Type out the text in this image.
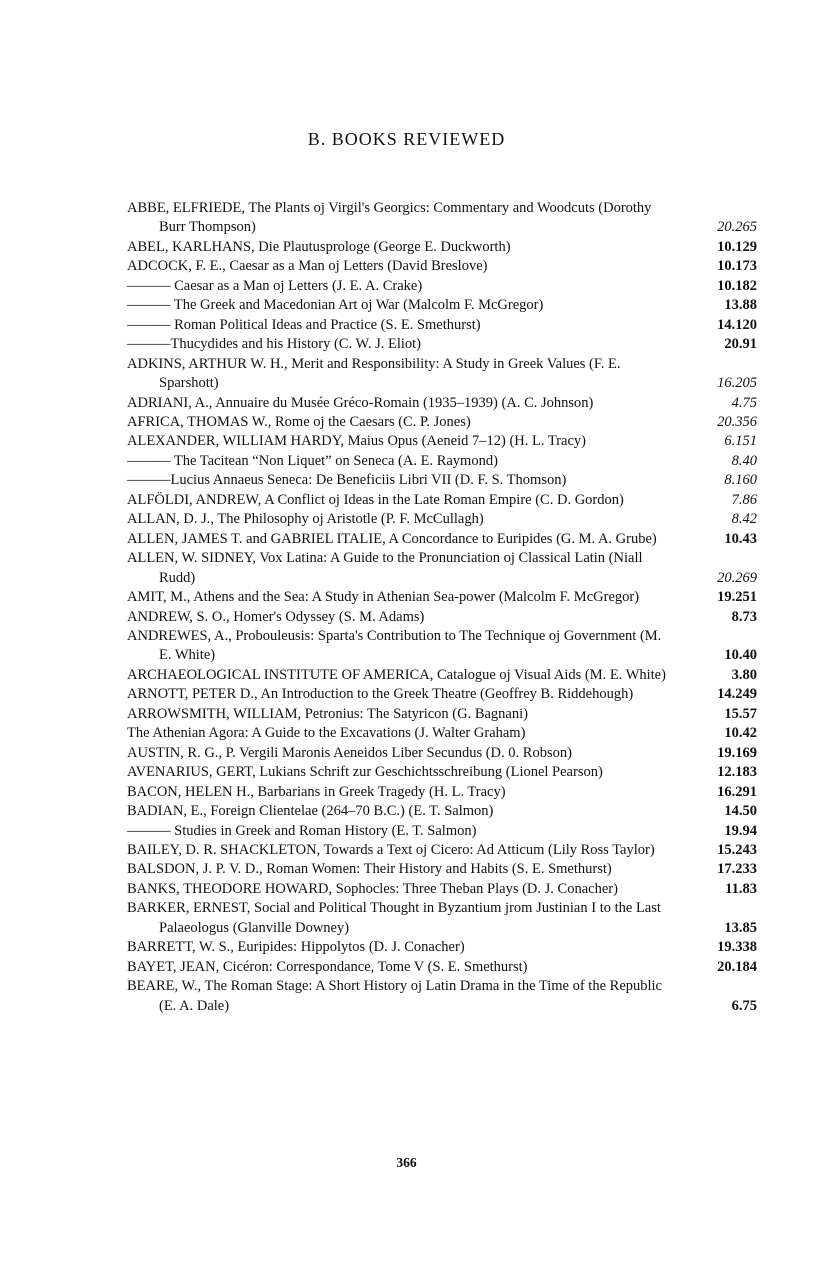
B. BOOKS REVIEWED
ABBE, ELFRIEDE, The Plants oj Virgil's Georgics: Commentary and Woodcuts (Dorothy Burr Thompson)	20.265
ABEL, KARLHANS, Die Plautusprologe (George E. Duckworth)	10.129
ADCOCK, F. E., Caesar as a Man oj Letters (David Breslove)	10.173
——— Caesar as a Man oj Letters (J. E. A. Crake)	10.182
——— The Greek and Macedonian Art oj War (Malcolm F. McGregor)	13.88
——— Roman Political Ideas and Practice (S. E. Smethurst)	14.120
———Thucydides and his History (C. W. J. Eliot)	20.91
ADKINS, ARTHUR W. H., Merit and Responsibility: A Study in Greek Values (F. E. Sparshott)	16.205
ADRIANI, A., Annuaire du Musée Gréco-Romain (1935–1939) (A. C. Johnson)	4.75
AFRICA, THOMAS W., Rome oj the Caesars (C. P. Jones)	20.356
ALEXANDER, WILLIAM HARDY, Maius Opus (Aeneid 7–12) (H. L. Tracy)	6.151
——— The Tacitean “Non Liquet” on Seneca (A. E. Raymond)	8.40
———Lucius Annaeus Seneca: De Beneficiis Libri VII (D. F. S. Thomson)	8.160
ALFÖLDI, ANDREW, A Conflict oj Ideas in the Late Roman Empire (C. D. Gordon)	7.86
ALLAN, D. J., The Philosophy oj Aristotle (P. F. McCullagh)	8.42
ALLEN, JAMES T. and GABRIEL ITALIE, A Concordance to Euripides (G. M. A. Grube)	10.43
ALLEN, W. SIDNEY, Vox Latina: A Guide to the Pronunciation oj Classical Latin (Niall Rudd)	20.269
AMIT, M., Athens and the Sea: A Study in Athenian Sea-power (Malcolm F. McGregor)	19.251
ANDREW, S. O., Homer's Odyssey (S. M. Adams)	8.73
ANDREWES, A., Probouleusis: Sparta's Contribution to The Technique oj Government (M. E. White)	10.40
ARCHAEOLOGICAL INSTITUTE OF AMERICA, Catalogue oj Visual Aids (M. E. White)	3.80
ARNOTT, PETER D., An Introduction to the Greek Theatre (Geoffrey B. Riddehough)	14.249
ARROWSMITH, WILLIAM, Petronius: The Satyricon (G. Bagnani)	15.57
The Athenian Agora: A Guide to the Excavations (J. Walter Graham)	10.42
AUSTIN, R. G., P. Vergili Maronis Aeneidos Liber Secundus (D. 0. Robson)	19.169
AVENARIUS, GERT, Lukians Schrift zur Geschichtsschreibung (Lionel Pearson)	12.183
BACON, HELEN H., Barbarians in Greek Tragedy (H. L. Tracy)	16.291
BADIAN, E., Foreign Clientelae (264–70 B.C.) (E. T. Salmon)	14.50
——— Studies in Greek and Roman History (E. T. Salmon)	19.94
BAILEY, D. R. SHACKLETON, Towards a Text oj Cicero: Ad Atticum (Lily Ross Taylor)	15.243
BALSDON, J. P. V. D., Roman Women: Their History and Habits (S. E. Smethurst)	17.233
BANKS, THEODORE HOWARD, Sophocles: Three Theban Plays (D. J. Conacher)	11.83
BARKER, ERNEST, Social and Political Thought in Byzantium jrom Justinian I to the Last Palaeologus (Glanville Downey)	13.85
BARRETT, W. S., Euripides: Hippolytos (D. J. Conacher)	19.338
BAYET, JEAN, Cicéron: Correspondance, Tome V (S. E. Smethurst)	20.184
BEARE, W., The Roman Stage: A Short History oj Latin Drama in the Time of the Republic (E. A. Dale)	6.75
366
